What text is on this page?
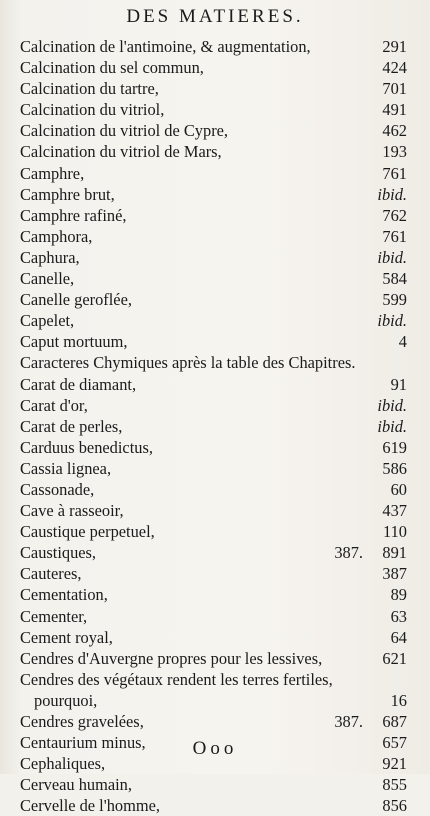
DES MATIERES.
Calcination de l'antimoine, & augmentation,	291
Calcination du sel commun,	424
Calcination du tartre,	701
Calcination du vitriol,	491
Calcination du vitriol de Cypre,	462
Calcination du vitriol de Mars,	193
Camphre,	761
Camphre brut,	ibid.
Camphre rafiné,	762
Camphora,	761
Caphura,	ibid.
Canelle,	584
Canelle geroflée,	599
Capelet,	ibid.
Caput mortuum,	4
Caracteres Chymiques après la table des Chapitres.
Carat de diamant,	91
Carat d'or,	ibid.
Carat de perles,	ibid.
Carduus benedictus,	619
Cassia lignea,	586
Cassonade,	60
Cave à rasseoir,	437
Caustique perpetuel,	110
Caustiques,	387. 891
Cauteres,	387
Cementation,	89
Cementer,	63
Cement royal,	64
Cendres d'Auvergne propres pour les lessives,	621
Cendres des végétaux rendent les terres fertiles,
pourquoi,	16
Cendres gravelées,	387. 687
Centaurium minus,	657
Cephaliques,	921
Cerveau humain,	855
Cervelle de l'homme,	856
Ooo
